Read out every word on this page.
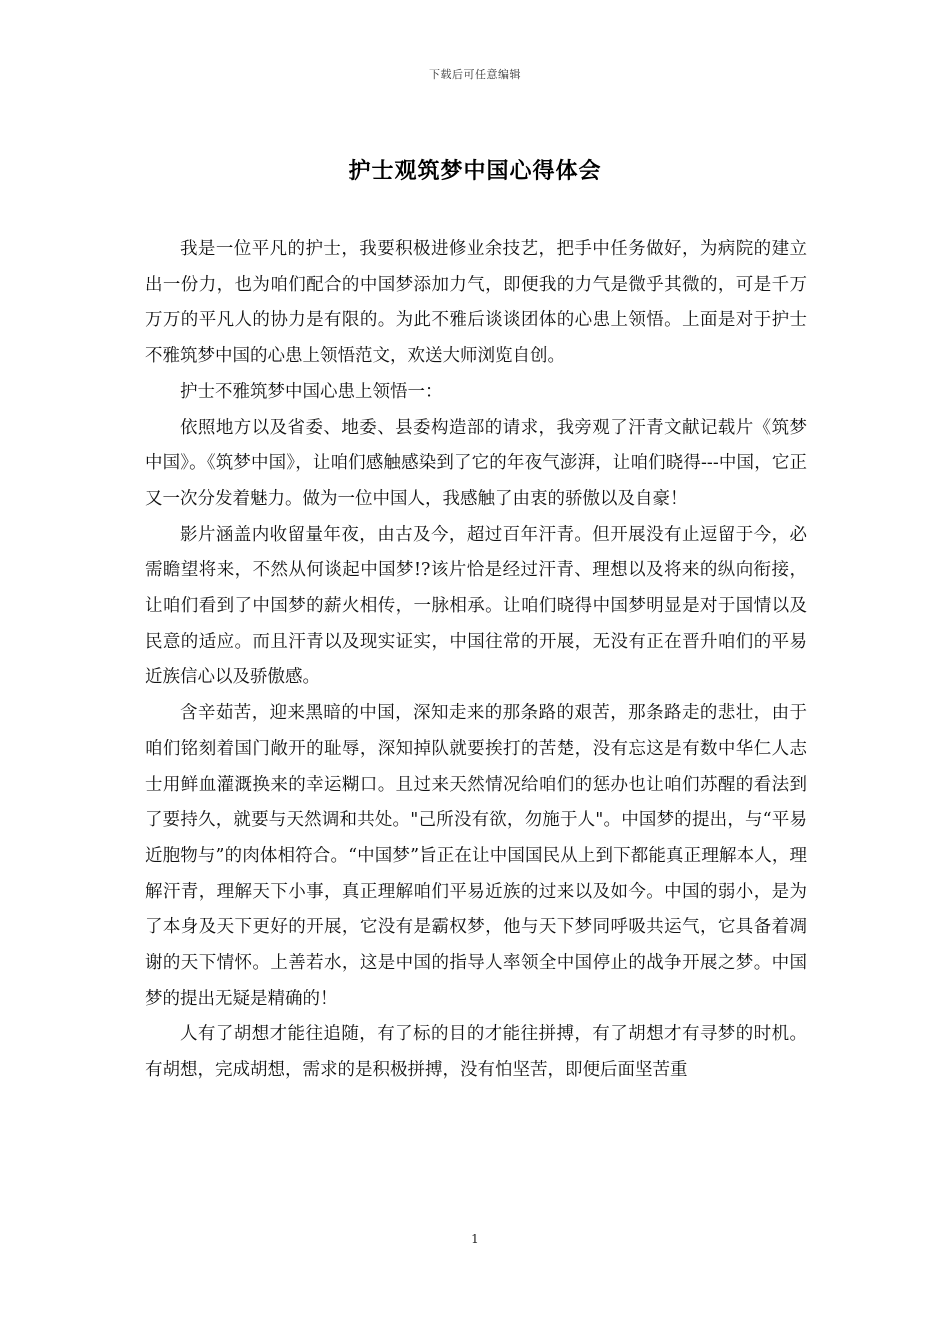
下载后可任意编辑
护士观筑梦中国心得体会

我是一位平凡的护士，我要积极进修业余技艺，把手中任务做好，为病院的建立出一份力，也为咱们配合的中国梦添加力气，即便我的力气是微乎其微的，可是千万万万的平凡人的协力是有限的。为此不雅后谈谈团体的心患上领悟。上面是对于护士不雅筑梦中国的心患上领悟范文，欢送大师浏览自创。

护士不雅筑梦中国心患上领悟一：

依照地方以及省委、地委、县委构造部的请求，我旁观了汗青文献记载片《筑梦中国》。《筑梦中国》，让咱们感触感染到了它的年夜气澎湃，让咱们晓得---中国，它正又一次分发着魅力。做为一位中国人，我感触了由衷的骄傲以及自豪！

影片涵盖内收留量年夜，由古及今，超过百年汗青。但开展没有止逗留于今，必需瞻望将来，不然从何谈起中国梦!?该片恰是经过汗青、理想以及将来的纵向衔接，让咱们看到了中国梦的薪火相传，一脉相承。让咱们晓得中国梦明显是对于国情以及民意的适应。而且汗青以及现实证实，中国往常的开展，无没有正在晋升咱们的平易近族信心以及骄傲感。

含辛茹苦，迎来黑暗的中国，深知走来的那条路的艰苦，那条路走的悲壮，由于咱们铭刻着国门敞开的耻辱，深知掉队就要挨打的苦楚，没有忘这是有数中华仁人志士用鲜血灌溉换来的幸运糊口。且过来天然情况给咱们的惩办也让咱们苏醒的看法到了要持久，就要与天然调和共处。"己所没有欲，勿施于人"。中国梦的提出，与“平易近胞物与”的肉体相符合。“中国梦”旨正在让中国国民从上到下都能真正理解本人，理解汗青，理解天下小事，真正理解咱们平易近族的过来以及如今。中国的弱小，是为了本身及天下更好的开展，它没有是霸权梦，他与天下梦同呼吸共运气，它具备着凋谢的天下情怀。上善若水，这是中国的指导人率领全中国停止的战争开展之梦。中国梦的提出无疑是精确的！

人有了胡想才能往追随，有了标的目的才能往拼搏，有了胡想才有寻梦的时机。有胡想，完成胡想，需求的是积极拼搏，没有怕坚苦，即便后面坚苦重

1
